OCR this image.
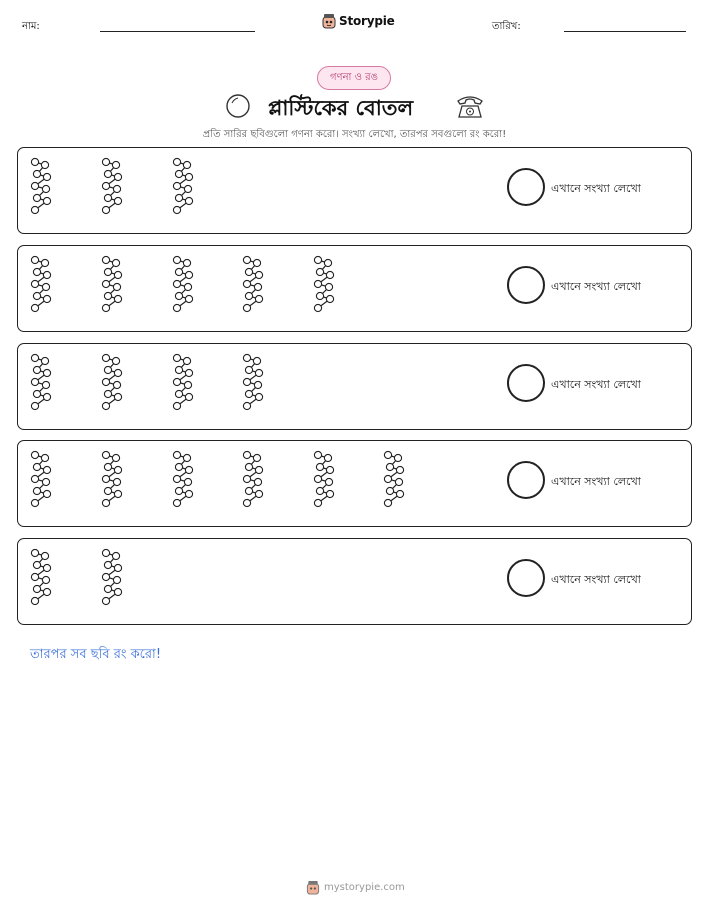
নাম:	Storypie	তারিখ:
গণনা ও রঙ
প্লাস্টিকের বোতল
প্রতি সারির ছবিগুলো গণনা করো। সংখ্যা লেখো, তারপর সবগুলো রং করো!
এখানে সংখ্যা লেখো
এখানে সংখ্যা লেখো
এখানে সংখ্যা লেখো
এখানে সংখ্যা লেখো
এখানে সংখ্যা লেখো
তারপর সব ছবি রং করো!
mystorypie.com
